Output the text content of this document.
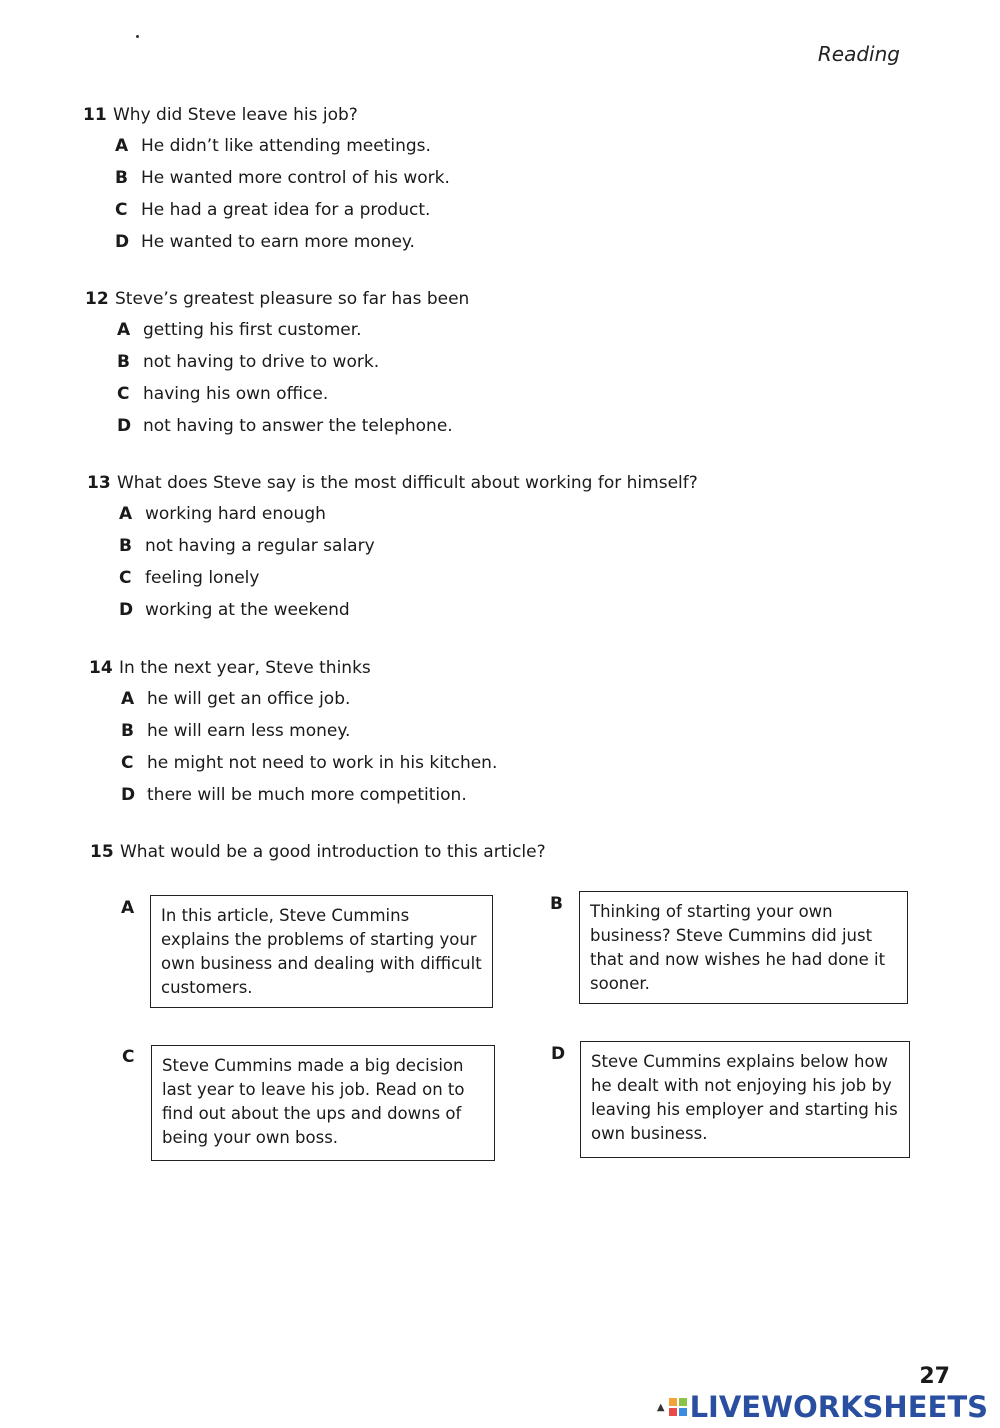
Reading
11 Why did Steve leave his job?
A He didn’t like attending meetings.
B He wanted more control of his work.
C He had a great idea for a product.
D He wanted to earn more money.
12 Steve’s greatest pleasure so far has been
A getting his first customer.
B not having to drive to work.
C having his own office.
D not having to answer the telephone.
13 What does Steve say is the most difficult about working for himself?
A working hard enough
B not having a regular salary
C feeling lonely
D working at the weekend
14 In the next year, Steve thinks
A he will get an office job.
B he will earn less money.
C he might not need to work in his kitchen.
D there will be much more competition.
15 What would be a good introduction to this article?
A	In this article, Steve Cummins explains the problems of starting your own business and dealing with difficult customers.
B	Thinking of starting your own business? Steve Cummins did just that and now wishes he had done it sooner.
C	Steve Cummins made a big decision last year to leave his job. Read on to find out about the ups and downs of being your own boss.
D	Steve Cummins explains below how he dealt with not enjoying his job by leaving his employer and starting his own business.
27
▲ LIVEWORKSHEETS
